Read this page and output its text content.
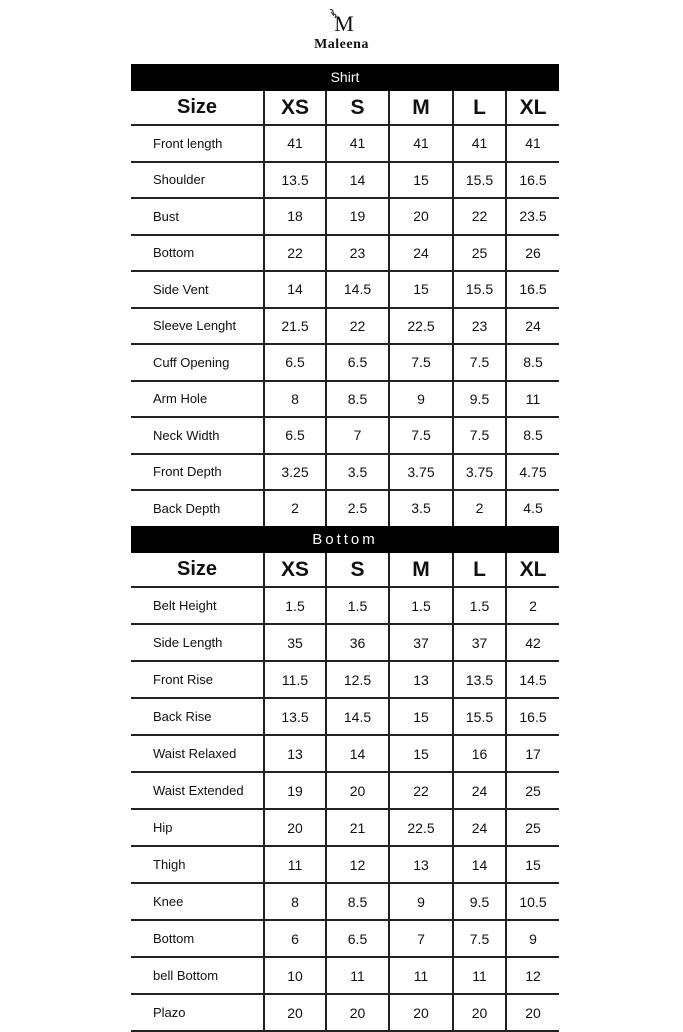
M
Maleena
Shirt
Size	XS	S	M	L	XL
Front length	41	41	41	41	41
Shoulder	13.5	14	15	15.5	16.5
Bust	18	19	20	22	23.5
Bottom	22	23	24	25	26
Side Vent	14	14.5	15	15.5	16.5
Sleeve Lenght	21.5	22	22.5	23	24
Cuff Opening	6.5	6.5	7.5	7.5	8.5
Arm Hole	8	8.5	9	9.5	11
Neck Width	6.5	7	7.5	7.5	8.5
Front Depth	3.25	3.5	3.75	3.75	4.75
Back Depth	2	2.5	3.5	2	4.5
Bottom
Size	XS	S	M	L	XL
Belt Height	1.5	1.5	1.5	1.5	2
Side Length	35	36	37	37	42
Front Rise	11.5	12.5	13	13.5	14.5
Back Rise	13.5	14.5	15	15.5	16.5
Waist Relaxed	13	14	15	16	17
Waist Extended	19	20	22	24	25
Hip	20	21	22.5	24	25
Thigh	11	12	13	14	15
Knee	8	8.5	9	9.5	10.5
Bottom	6	6.5	7	7.5	9
bell Bottom	10	11	11	11	12
Plazo	20	20	20	20	20
